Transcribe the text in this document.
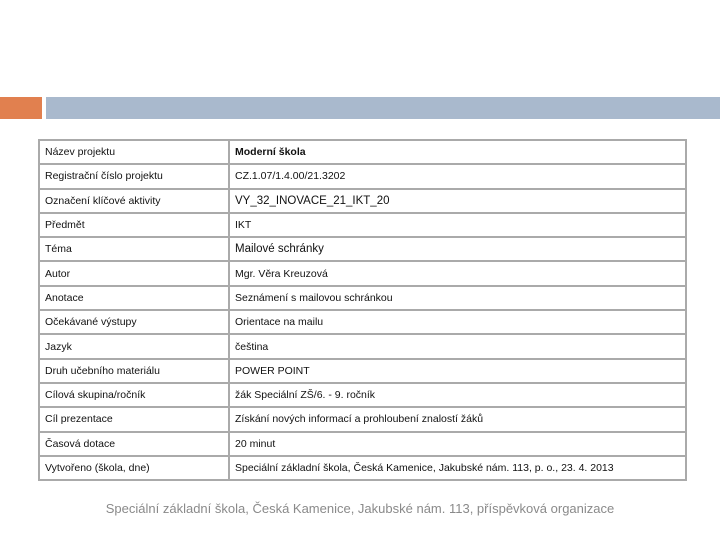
Název projektu	Moderní škola
Registrační číslo projektu	CZ.1.07/1.4.00/21.3202
Označení klíčové aktivity	VY_32_INOVACE_21_IKT_20
Předmět	IKT
Téma	Mailové schránky
Autor	Mgr. Věra Kreuzová
Anotace	Seznámení s mailovou schránkou
Očekávané výstupy	Orientace na mailu
Jazyk	čeština
Druh učebního materiálu	POWER POINT
Cílová skupina/ročník	žák Speciální ZŠ/6. - 9. ročník
Cíl prezentace	Získání nových informací a prohloubení znalostí žáků
Časová dotace	20 minut
Vytvořeno (škola, dne)	Speciální základní škola, Česká Kamenice, Jakubské nám. 113, p. o., 23. 4. 2013
Speciální základní škola, Česká Kamenice, Jakubské nám. 113, příspěvková organizace
